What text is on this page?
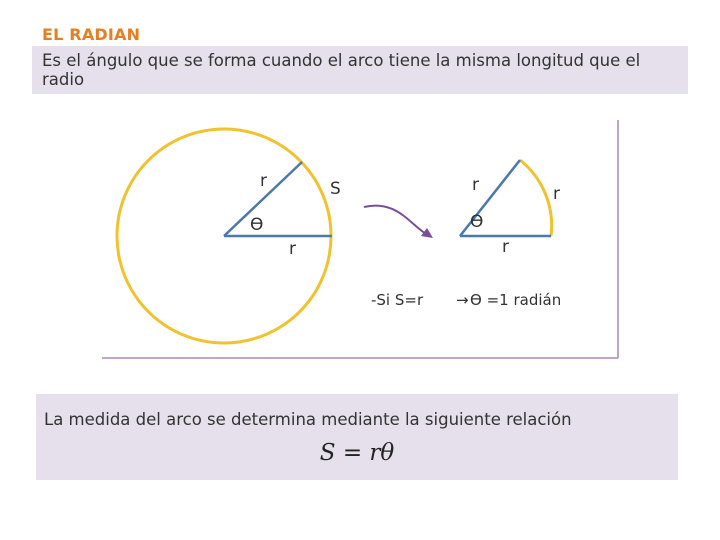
EL RADIAN
Es el ángulo que se forma cuando el arco tiene la misma longitud que el radio
r	S
ϴ
r
r	r
ϴ
r
-Si S=r → ϴ =1 radián
La medida del arco se determina mediante la siguiente relación
S = rθ
